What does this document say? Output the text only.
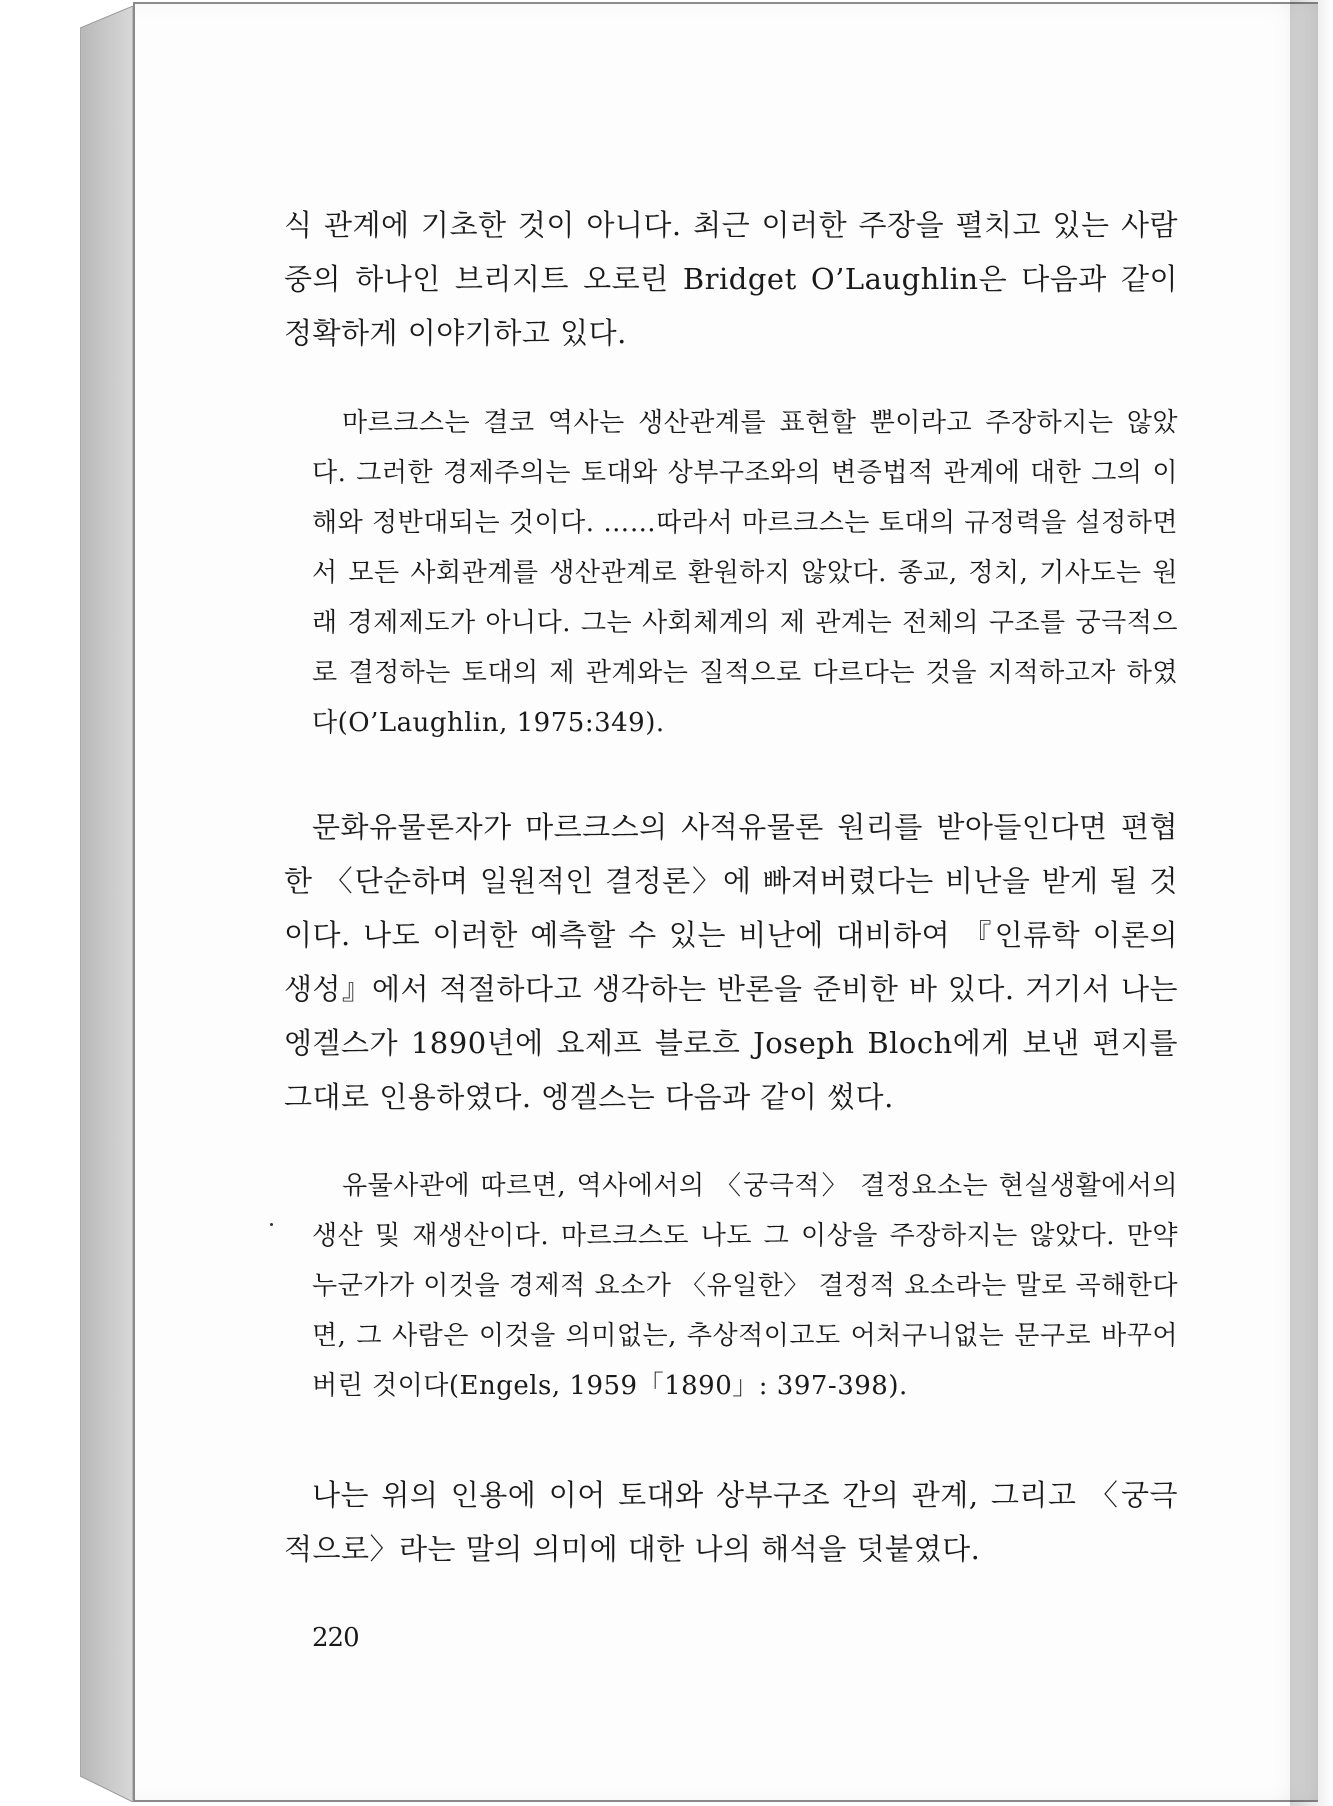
식 관계에 기초한 것이 아니다. 최근 이러한 주장을 펼치고 있는 사람 중의 하나인 브리지트 오로린 Bridget O’Laughlin은 다음과 같이 정확하게 이야기하고 있다.

마르크스는 결코 역사는 생산관계를 표현할 뿐이라고 주장하지는 않았다. 그러한 경제주의는 토대와 상부구조와의 변증법적 관계에 대한 그의 이해와 정반대되는 것이다. ……따라서 마르크스는 토대의 규정력을 설정하면서 모든 사회관계를 생산관계로 환원하지 않았다. 종교, 정치, 기사도는 원래 경제제도가 아니다. 그는 사회체계의 제 관계는 전체의 구조를 궁극적으로 결정하는 토대의 제 관계와는 질적으로 다르다는 것을 지적하고자 하였다(O’Laughlin, 1975:349).

문화유물론자가 마르크스의 사적유물론 원리를 받아들인다면 편협한 〈단순하며 일원적인 결정론〉에 빠져버렸다는 비난을 받게 될 것이다. 나도 이러한 예측할 수 있는 비난에 대비하여 『인류학 이론의 생성』에서 적절하다고 생각하는 반론을 준비한 바 있다. 거기서 나는 엥겔스가 1890년에 요제프 블로흐 Joseph Bloch에게 보낸 편지를 그대로 인용하였다. 엥겔스는 다음과 같이 썼다.

유물사관에 따르면, 역사에서의 〈궁극적〉 결정요소는 현실생활에서의 생산 및 재생산이다. 마르크스도 나도 그 이상을 주장하지는 않았다. 만약 누군가가 이것을 경제적 요소가 〈유일한〉 결정적 요소라는 말로 곡해한다면, 그 사람은 이것을 의미없는, 추상적이고도 어처구니없는 문구로 바꾸어 버린 것이다(Engels, 1959「1890」: 397-398).

나는 위의 인용에 이어 토대와 상부구조 간의 관계, 그리고 〈궁극적으로〉라는 말의 의미에 대한 나의 해석을 덧붙였다.

220
